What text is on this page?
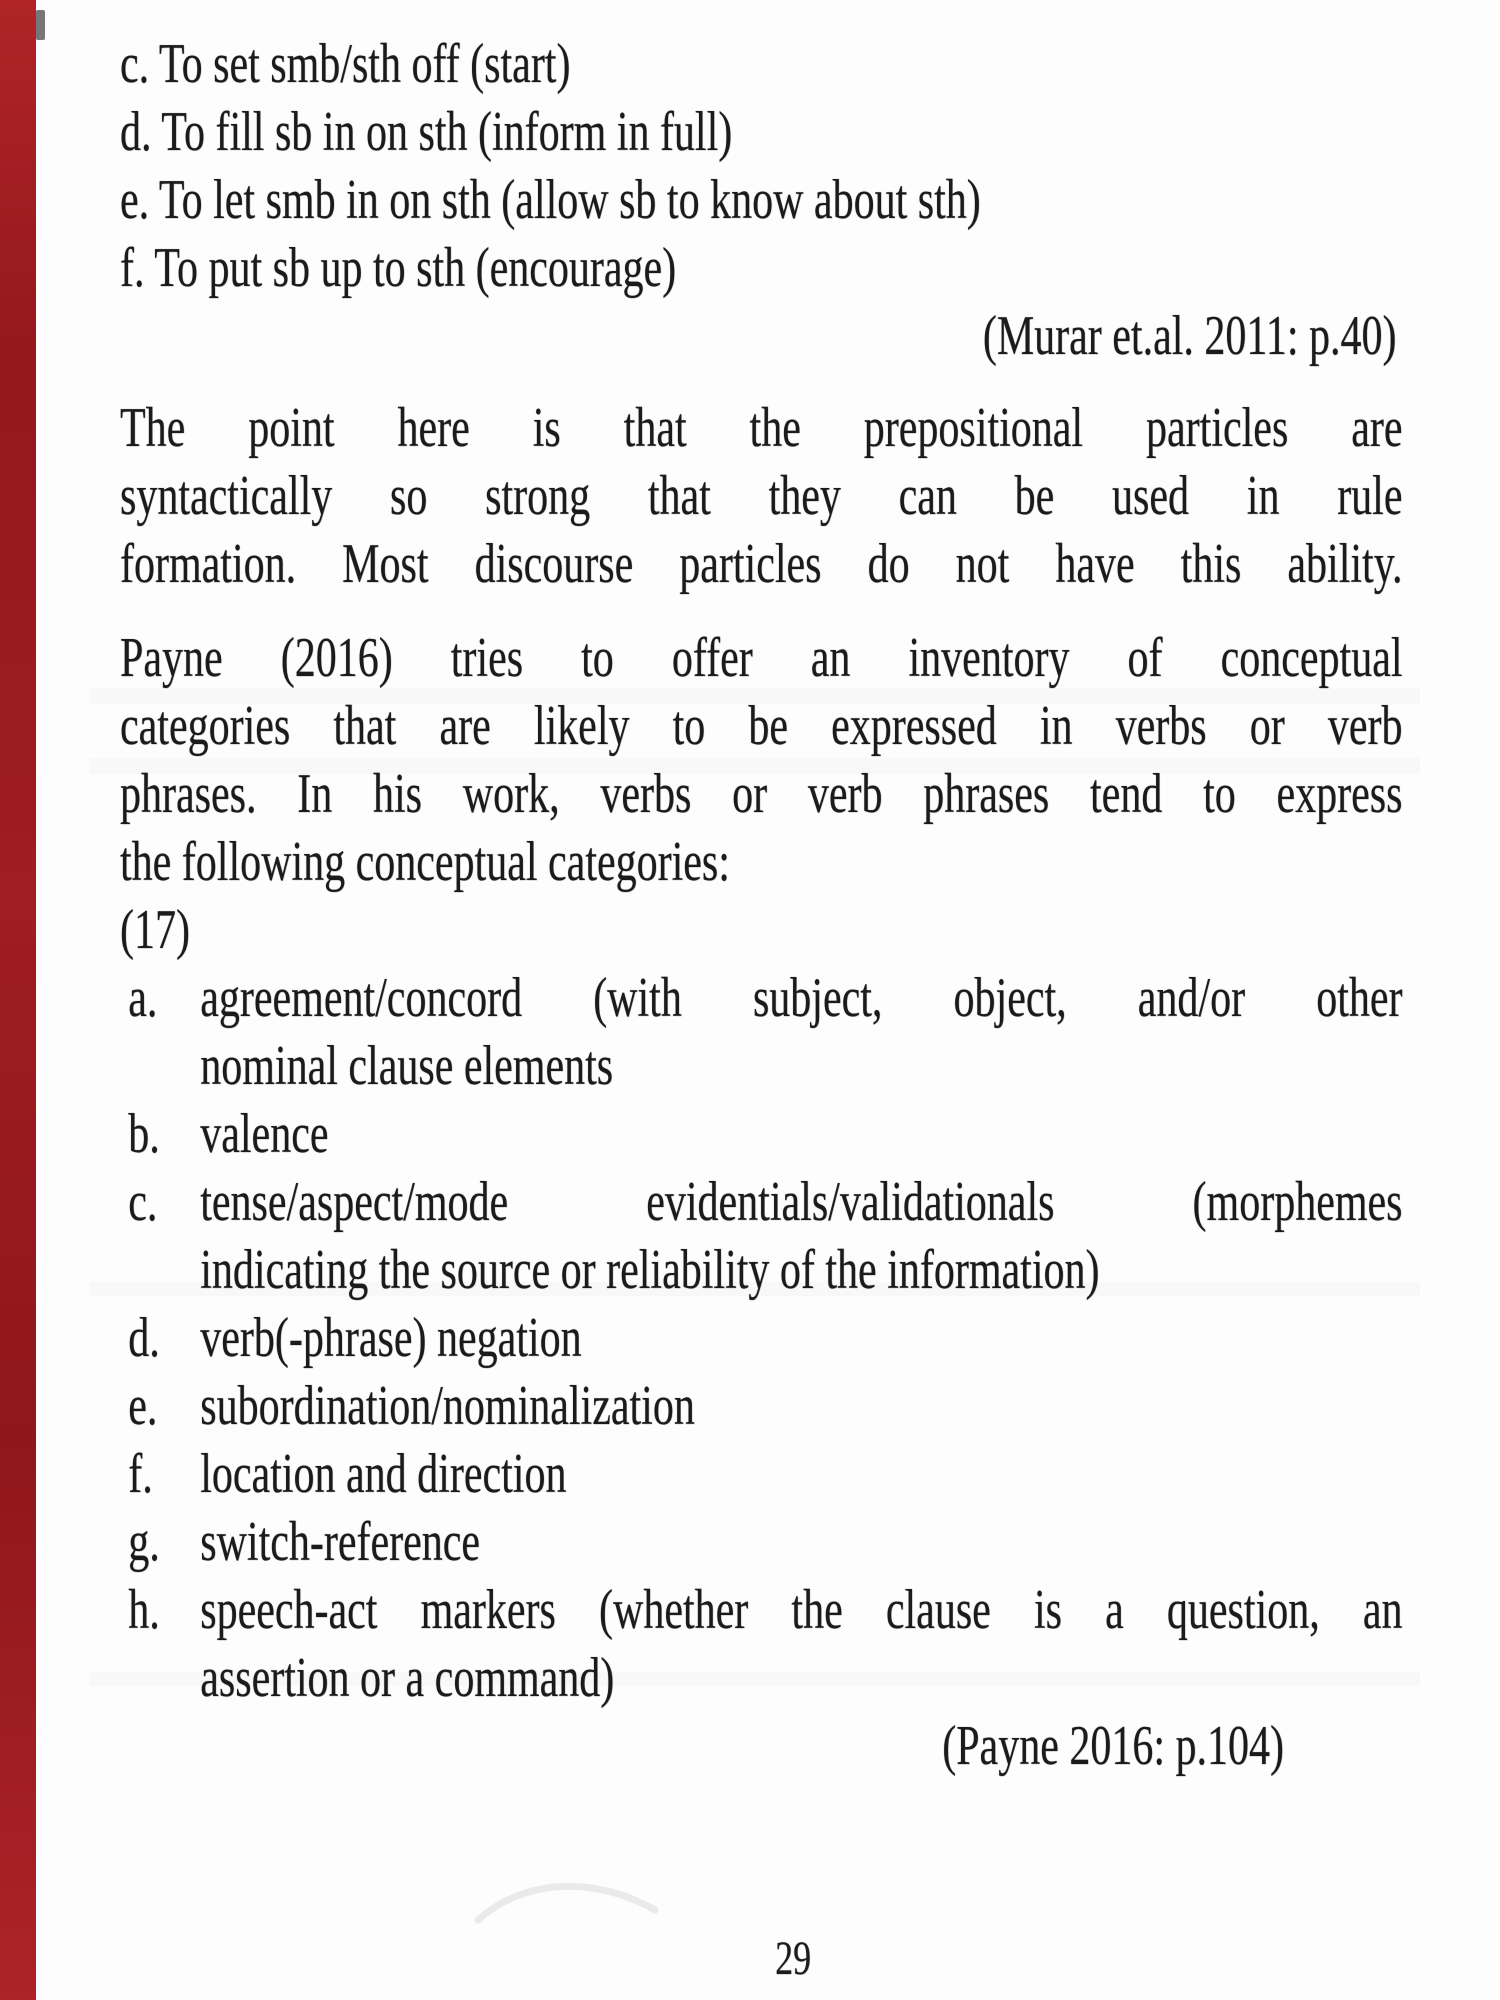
c. To set smb/sth off (start)
d. To fill sb in on sth (inform in full)
e. To let smb in on sth (allow sb to know about sth)
f. To put sb up to sth (encourage)
(Murar et.al. 2011: p.40)
The point here is that the prepositional particles are
syntactically so strong that they can be used in rule
formation. Most discourse particles do not have this ability.
Payne (2016) tries to offer an inventory of conceptual
categories that are likely to be expressed in verbs or verb
phrases. In his work, verbs or verb phrases tend to express
the following conceptual categories:
(17)
a. agreement/concord (with subject, object, and/or other
nominal clause elements
b. valence
c. tense/aspect/mode evidentials/validationals (morphemes
indicating the source or reliability of the information)
d. verb(-phrase) negation
e. subordination/nominalization
f. location and direction
g. switch-reference
h. speech-act markers (whether the clause is a question, an
assertion or a command)
(Payne 2016: p.104)
29
